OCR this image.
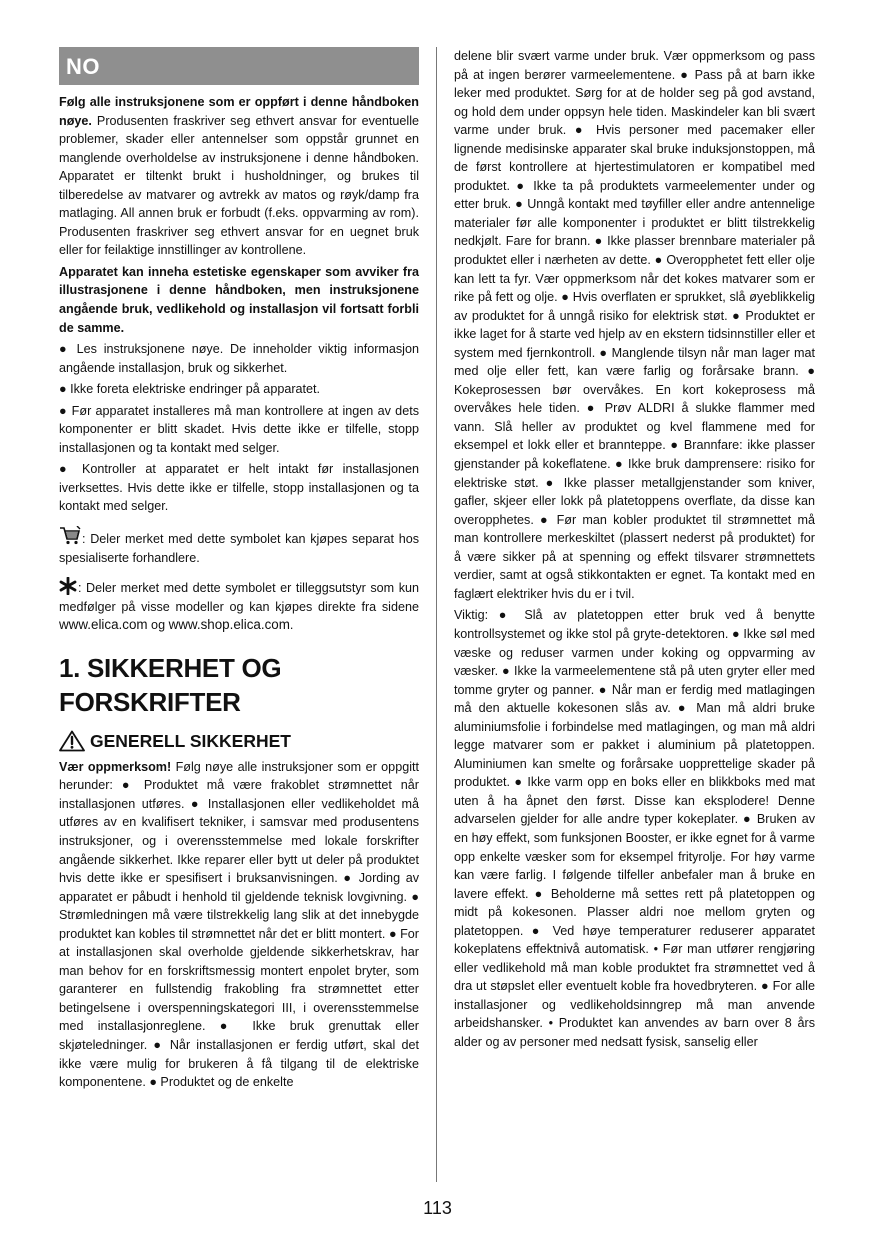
NO

Følg alle instruksjonene som er oppført i denne håndboken nøye. Produsenten fraskriver seg ethvert ansvar for eventuelle problemer, skader eller antennelser som oppstår grunnet en manglende overholdelse av instruksjonene i denne håndboken. Apparatet er tiltenkt brukt i husholdninger, og brukes til tilberedelse av matvarer og avtrekk av matos og røyk/damp fra matlaging. All annen bruk er forbudt (f.eks. oppvarming av rom). Produsenten fraskriver seg ethvert ansvar for en uegnet bruk eller for feilaktige innstillinger av kontrollene.

Apparatet kan inneha estetiske egenskaper som avviker fra illustrasjonene i denne håndboken, men instruksjonene angående bruk, vedlikehold og installasjon vil fortsatt forbli de samme.

● Les instruksjonene nøye. De inneholder viktig informasjon angående installasjon, bruk og sikkerhet.

● Ikke foreta elektriske endringer på apparatet.

● Før apparatet installeres må man kontrollere at ingen av dets komponenter er blitt skadet. Hvis dette ikke er tilfelle, stopp installasjonen og ta kontakt med selger.

● Kontroller at apparatet er helt intakt før installasjonen iverksettes. Hvis dette ikke er tilfelle, stopp installasjonen og ta kontakt med selger.

: Deler merket med dette symbolet kan kjøpes separat hos spesialiserte forhandlere.

: Deler merket med dette symbolet er tilleggsutstyr som kun medfølger på visse modeller og kan kjøpes direkte fra sidene www.elica.com og www.shop.elica.com.

1. SIKKERHET OG FORSKRIFTER
GENERELL SIKKERHET

Vær oppmerksom! Følg nøye alle instruksjoner som er oppgitt herunder: ● Produktet må være frakoblet strømnettet når installasjonen utføres. ● Installasjonen eller vedlikeholdet må utføres av en kvalifisert tekniker, i samsvar med produsentens instruksjoner, og i overensstemmelse med lokale forskrifter angående sikkerhet. Ikke reparer eller bytt ut deler på produktet hvis dette ikke er spesifisert i bruksanvisningen. ● Jording av apparatet er påbudt i henhold til gjeldende teknisk lovgivning. ● Strømledningen må være tilstrekkelig lang slik at det innebygde produktet kan kobles til strømnettet når det er blitt montert. ● For at installasjonen skal overholde gjeldende sikkerhetskrav, har man behov for en forskriftsmessig montert enpolet bryter, som garanterer en fullstendig frakobling fra strømnettet etter betingelsene i overspenningskategori III, i overensstemmelse med installasjonreglene. ● Ikke bruk grenuttak eller skjøteledninger. ● Når installasjonen er ferdig utført, skal det ikke være mulig for brukeren å få tilgang til de elektriske komponentene. ● Produktet og de enkelte

delene blir svært varme under bruk. Vær oppmerksom og pass på at ingen berører varmeelementene. ● Pass på at barn ikke leker med produktet. Sørg for at de holder seg på god avstand, og hold dem under oppsyn hele tiden. Maskindeler kan bli svært varme under bruk. ● Hvis personer med pacemaker eller lignende medisinske apparater skal bruke induksjonstoppen, må de først kontrollere at hjertestimulatoren er kompatibel med produktet. ● Ikke ta på produktets varmeelementer under og etter bruk. ● Unngå kontakt med tøyfiller eller andre antennelige materialer før alle komponenter i produktet er blitt tilstrekkelig nedkjølt. Fare for brann. ● Ikke plasser brennbare materialer på produktet eller i nærheten av dette. ● Overopphetet fett eller olje kan lett ta fyr. Vær oppmerksom når det kokes matvarer som er rike på fett og olje. ● Hvis overflaten er sprukket, slå øyeblikkelig av produktet for å unngå risiko for elektrisk støt. ● Produktet er ikke laget for å starte ved hjelp av en ekstern tidsinnstiller eller et system med fjernkontroll. ● Manglende tilsyn når man lager mat med olje eller fett, kan være farlig og forårsake brann. ● Kokeprosessen bør overvåkes. En kort kokeprosess må overvåkes hele tiden. ● Prøv ALDRI å slukke flammer med vann. Slå heller av produktet og kvel flammene med for eksempel et lokk eller et brannteppe. ● Brannfare: ikke plasser gjenstander på kokeflatene. ● Ikke bruk damprensere: risiko for elektriske støt. ● Ikke plasser metallgjenstander som kniver, gafler, skjeer eller lokk på platetoppens overflate, da disse kan overopphetes. ● Før man kobler produktet til strømnettet må man kontrollere merkeskiltet (plassert nederst på produktet) for å være sikker på at spenning og effekt tilsvarer strømnettets verdier, samt at også stikkontakten er egnet. Ta kontakt med en faglært elektriker hvis du er i tvil.

Viktig: ● Slå av platetoppen etter bruk ved å benytte kontrollsystemet og ikke stol på gryte-detektoren. ● Ikke søl med væske og reduser varmen under koking og oppvarming av væsker. ● Ikke la varmeelementene stå på uten gryter eller med tomme gryter og panner. ● Når man er ferdig med matlagingen må den aktuelle kokesonen slås av. ● Man må aldri bruke aluminiumsfolie i forbindelse med matlagingen, og man må aldri legge matvarer som er pakket i aluminium på platetoppen. Aluminiumen kan smelte og forårsake uopprettelige skader på produktet. ● Ikke varm opp en boks eller en blikkboks med mat uten å ha åpnet den først. Disse kan eksplodere! Denne advarselen gjelder for alle andre typer kokeplater. ● Bruken av en høy effekt, som funksjonen Booster, er ikke egnet for å varme opp enkelte væsker som for eksempel frityrolje. For høy varme kan være farlig. I følgende tilfeller anbefaler man å bruke en lavere effekt. ● Beholderne må settes rett på platetoppen og midt på kokesonen. Plasser aldri noe mellom gryten og platetoppen. ● Ved høye temperaturer reduserer apparatet kokeplatens effektnivå automatisk. • Før man utfører rengjøring eller vedlikehold må man koble produktet fra strømnettet ved å dra ut støpslet eller eventuelt koble fra hovedbryteren. ● For alle installasjoner og vedlikeholdsinngrep må man anvende arbeidshansker. • Produktet kan anvendes av barn over 8 års alder og av personer med nedsatt fysisk, sanselig eller

113
